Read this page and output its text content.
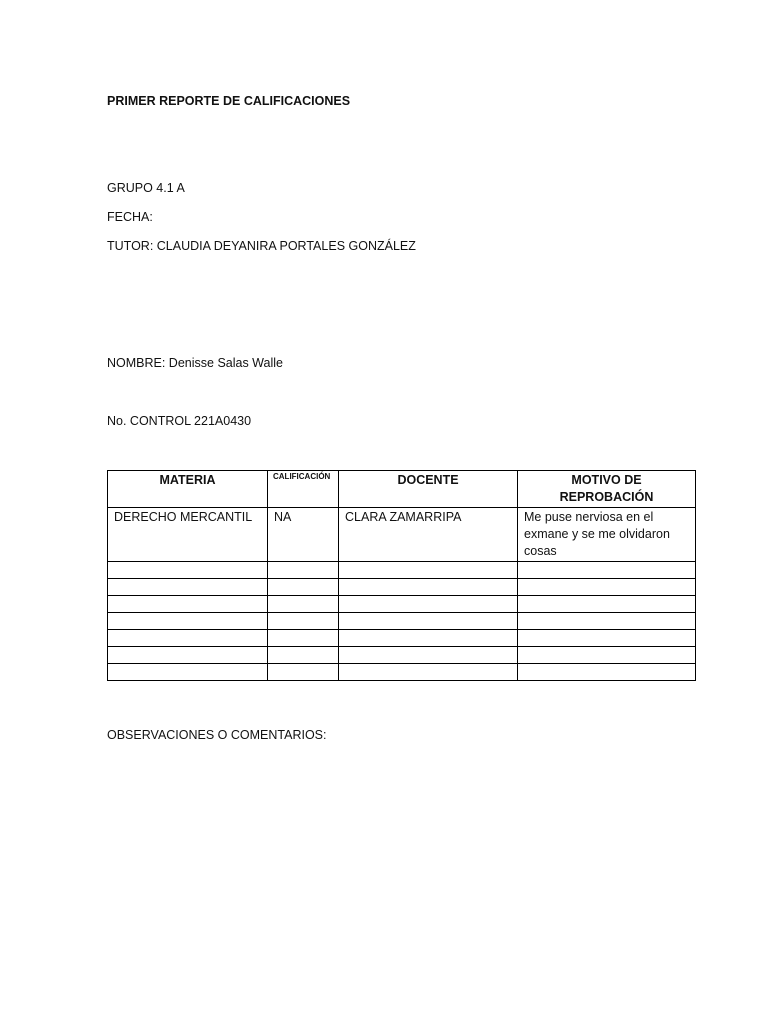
PRIMER REPORTE DE CALIFICACIONES
GRUPO 4.1 A
FECHA:
TUTOR: CLAUDIA DEYANIRA PORTALES GONZÁLEZ
NOMBRE: Denisse Salas Walle
No. CONTROL 221A0430
MATERIA	CALIFICACIÓN	DOCENTE	MOTIVO DE REPROBACIÓN
DERECHO MERCANTIL	NA	CLARA ZAMARRIPA	Me puse nerviosa en el exmane y se me olvidaron cosas

OBSERVACIONES O COMENTARIOS:
